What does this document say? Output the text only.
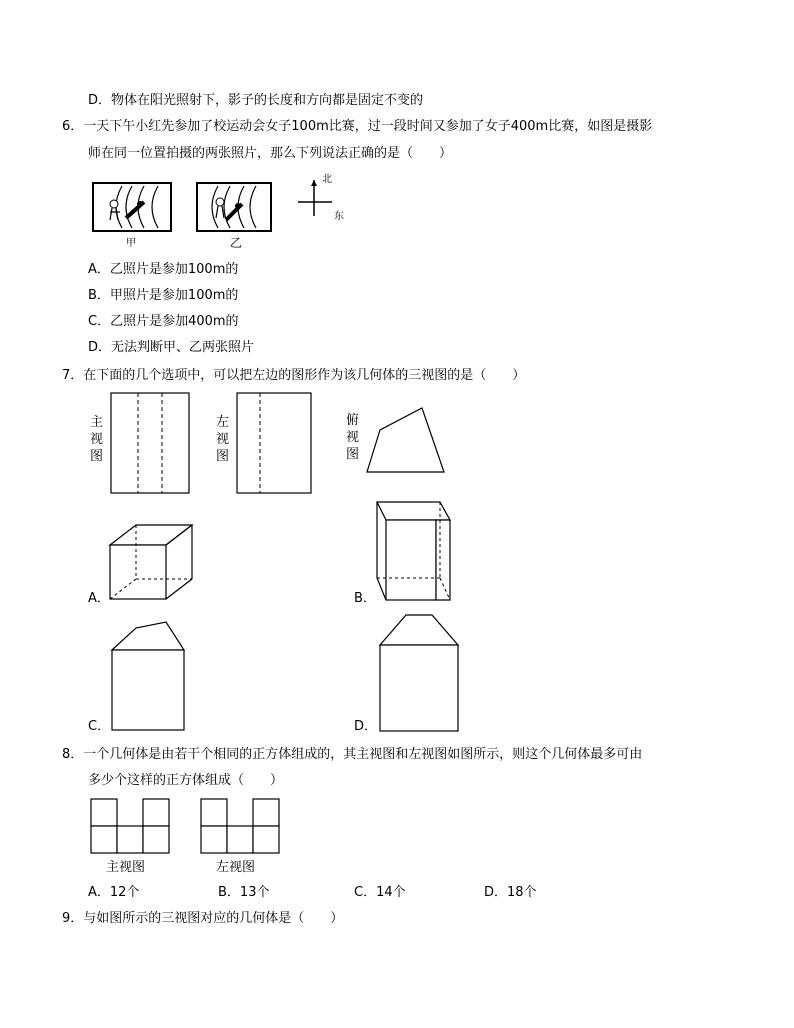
D．物体在阳光照射下，影子的长度和方向都是固定不变的
6．一天下午小红先参加了校运动会女子100m比赛，过一段时间又参加了女子400m比赛，如图是摄影
师在同一位置拍摄的两张照片，那么下列说法正确的是（　　）
甲	乙
北
东
A．乙照片是参加100m的
B．甲照片是参加100m的
C．乙照片是参加400m的
D．无法判断甲、乙两张照片
7．在下面的几个选项中，可以把左边的图形作为该几何体的三视图的是（　　）
主视图
左视图
俯视图
A．	B．
C．	D．
8．一个几何体是由若干个相同的正方体组成的，其主视图和左视图如图所示，则这个几何体最多可由
多少个这样的正方体组成（　　）
主视图	左视图
A．12个	B．13个	C．14个	D．18个
9．与如图所示的三视图对应的几何体是（　　）
